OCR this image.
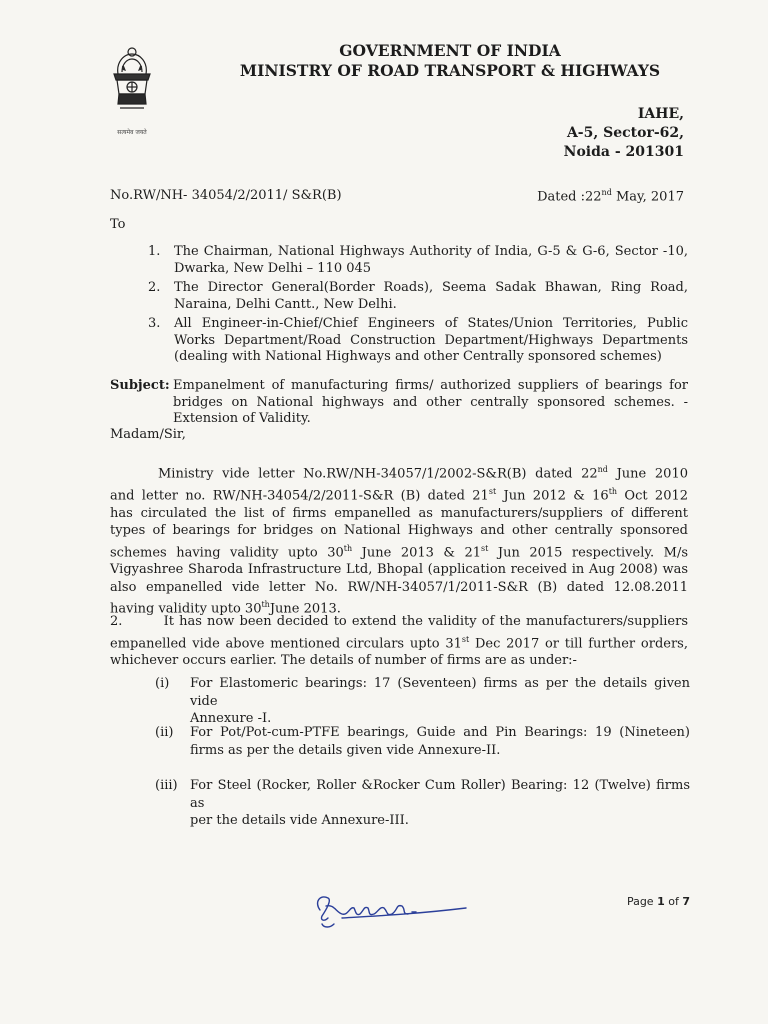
सत्यमेव जयते
GOVERNMENT OF INDIA
MINISTRY OF ROAD TRANSPORT & HIGHWAYS
IAHE,
A-5, Sector-62,
Noida - 201301
No.RW/NH- 34054/2/2011/ S&R(B)	Dated :22nd May, 2017
To
1. The Chairman, National Highways Authority of India, G-5 & G-6, Sector -10,
Dwarka, New Delhi – 110 045
2. The Director General(Border Roads), Seema Sadak Bhawan, Ring Road,
Naraina, Delhi Cantt., New Delhi.
3. All Engineer-in-Chief/Chief Engineers of States/Union Territories, Public
Works Department/Road Construction Department/Highways Departments
(dealing with National Highways and other Centrally sponsored schemes)
Subject: Empanelment of manufacturing firms/ authorized suppliers of bearings for
bridges on National highways and other centrally sponsored schemes. -
Extension of Validity.
Madam/Sir,
Ministry vide letter No.RW/NH-34057/1/2002-S&R(B) dated 22nd June 2010
and letter no. RW/NH-34054/2/2011-S&R (B) dated 21st Jun 2012 & 16th Oct 2012
has circulated the list of firms empanelled as manufacturers/suppliers of different
types of bearings for bridges on National Highways and other centrally sponsored
schemes having validity upto 30th June 2013 & 21st Jun 2015 respectively. M/s
Vigyashree Sharoda Infrastructure Ltd, Bhopal (application received in Aug 2008) was
also empanelled vide letter No. RW/NH-34057/1/2011-S&R (B) dated 12.08.2011
having validity upto 30thJune 2013.
2.        It has now been decided to extend the validity of the manufacturers/suppliers
empanelled vide above mentioned circulars upto 31st Dec 2017 or till further orders,
whichever occurs earlier. The details of number of firms are as under:-
(i) For Elastomeric bearings: 17 (Seventeen) firms as per the details given vide
Annexure -I.
(ii) For Pot/Pot-cum-PTFE bearings, Guide and Pin Bearings: 19 (Nineteen)
firms as per the details given vide Annexure-II.
(iii) For Steel (Rocker, Roller &Rocker Cum Roller) Bearing: 12 (Twelve) firms as
per the details vide Annexure-III.
Page 1 of 7
